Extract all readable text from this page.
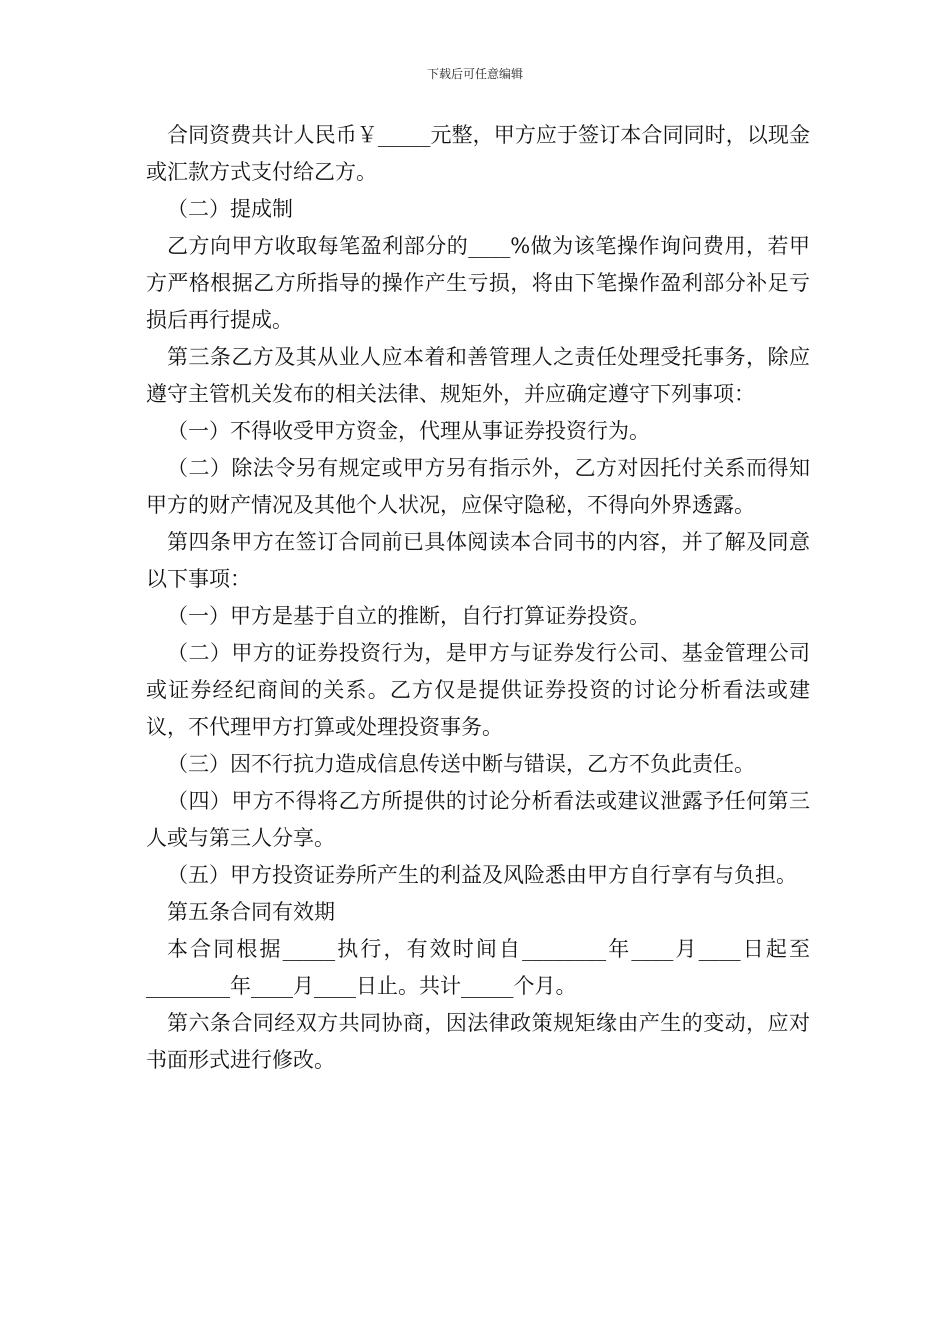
下载后可任意编辑

合同资费共计人民币￥_____元整，甲方应于签订本合同同时，以现金或汇款方式支付给乙方。

（二）提成制

乙方向甲方收取每笔盈利部分的____%做为该笔操作询问费用，若甲方严格根据乙方所指导的操作产生亏损，将由下笔操作盈利部分补足亏损后再行提成。

第三条乙方及其从业人应本着和善管理人之责任处理受托事务，除应遵守主管机关发布的相关法律、规矩外，并应确定遵守下列事项：

（一）不得收受甲方资金，代理从事证券投资行为。

（二）除法令另有规定或甲方另有指示外，乙方对因托付关系而得知甲方的财产情况及其他个人状况，应保守隐秘，不得向外界透露。

第四条甲方在签订合同前已具体阅读本合同书的内容，并了解及同意以下事项：

（一）甲方是基于自立的推断，自行打算证券投资。

（二）甲方的证券投资行为，是甲方与证券发行公司、基金管理公司或证券经纪商间的关系。乙方仅是提供证券投资的讨论分析看法或建议，不代理甲方打算或处理投资事务。

（三）因不行抗力造成信息传送中断与错误，乙方不负此责任。

（四）甲方不得将乙方所提供的讨论分析看法或建议泄露予任何第三人或与第三人分享。

（五）甲方投资证券所产生的利益及风险悉由甲方自行享有与负担。

第五条合同有效期

本合同根据_____执行，有效时间自________年____月____日起至________年____月____日止。共计_____个月。

第六条合同经双方共同协商，因法律政策规矩缘由产生的变动，应对书面形式进行修改。
